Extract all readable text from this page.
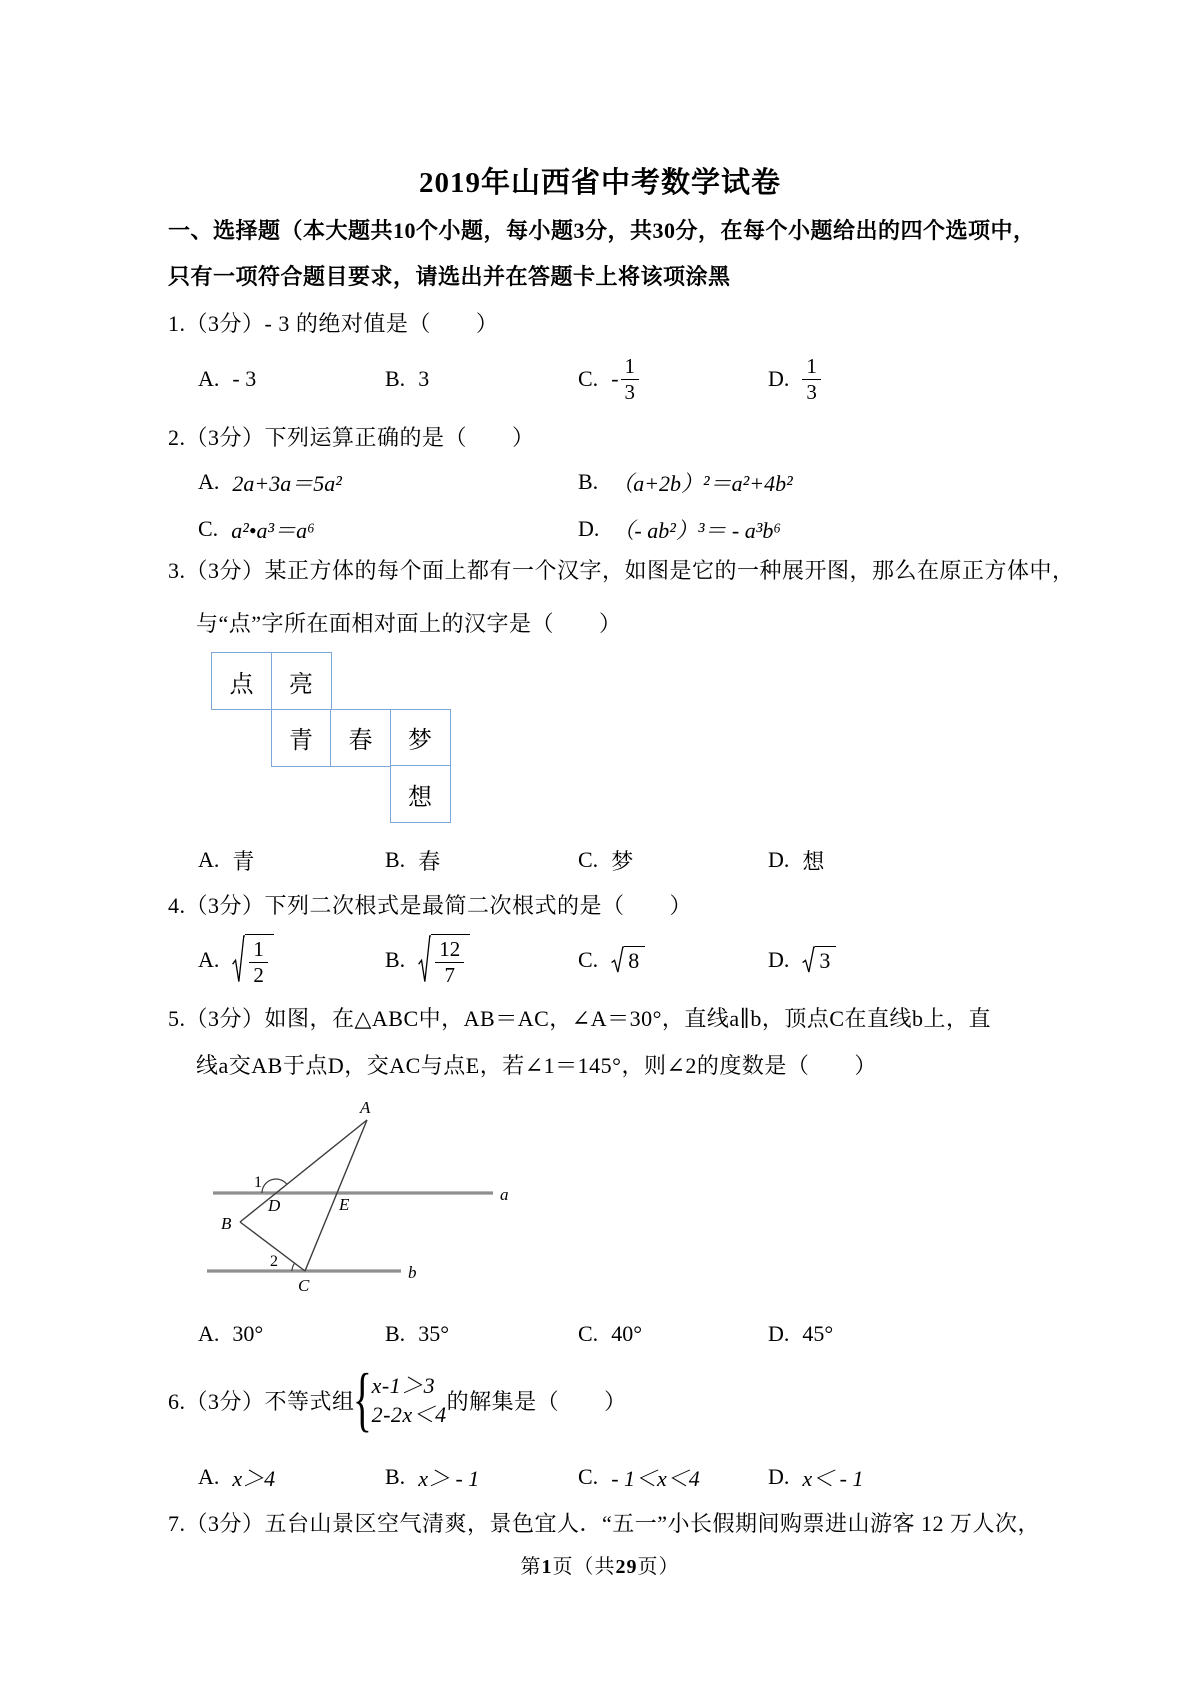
2019年山西省中考数学试卷
一、选择题（本大题共10个小题，每小题3分，共30分，在每个小题给出的四个选项中，
只有一项符合题目要求，请选出并在答题卡上将该项涂黑
1.（3分）- 3 的绝对值是（　　）
A. - 3	B. 3	C. - $\frac{1}{3}$	D. $\frac{1}{3}$
2.（3分）下列运算正确的是（　　）
A. 2a+3a＝5a²	B. （a+2b）²＝a²+4b²
C. a²•a³＝a⁶	D. （- ab²）³＝ - a³b⁶
3.（3分）某正方体的每个面上都有一个汉字，如图是它的一种展开图，那么在原正方体中，
与“点”字所在面相对面上的汉字是（　　）
点	亮
青	春	梦
想
A. 青	B. 春	C. 梦	D. 想
4.（3分）下列二次根式是最简二次根式的是（　　）
A. $\frac{1}{2}$	B. $\frac{12}{7}$	C. 8	D. 3
5.（3分）如图，在△ABC中，AB＝AC，∠A＝30°，直线a∥b，顶点C在直线b上，直
线a交AB于点D，交AC与点E，若∠1＝145°，则∠2的度数是（　　）
A
B
C
D	E
1
2
a
b
A. 30°	B. 35°	C. 40°	D. 45°
6.（3分）不等式组
{ x-1＞3
2-2x＜4
的解集是（　　）
A. x＞4	B. x＞ - 1	C. - 1＜x＜4	D. x＜ - 1
7.（3分）五台山景区空气清爽，景色宜人．“五一”小长假期间购票进山游客 12 万人次，
第1页（共29页）
